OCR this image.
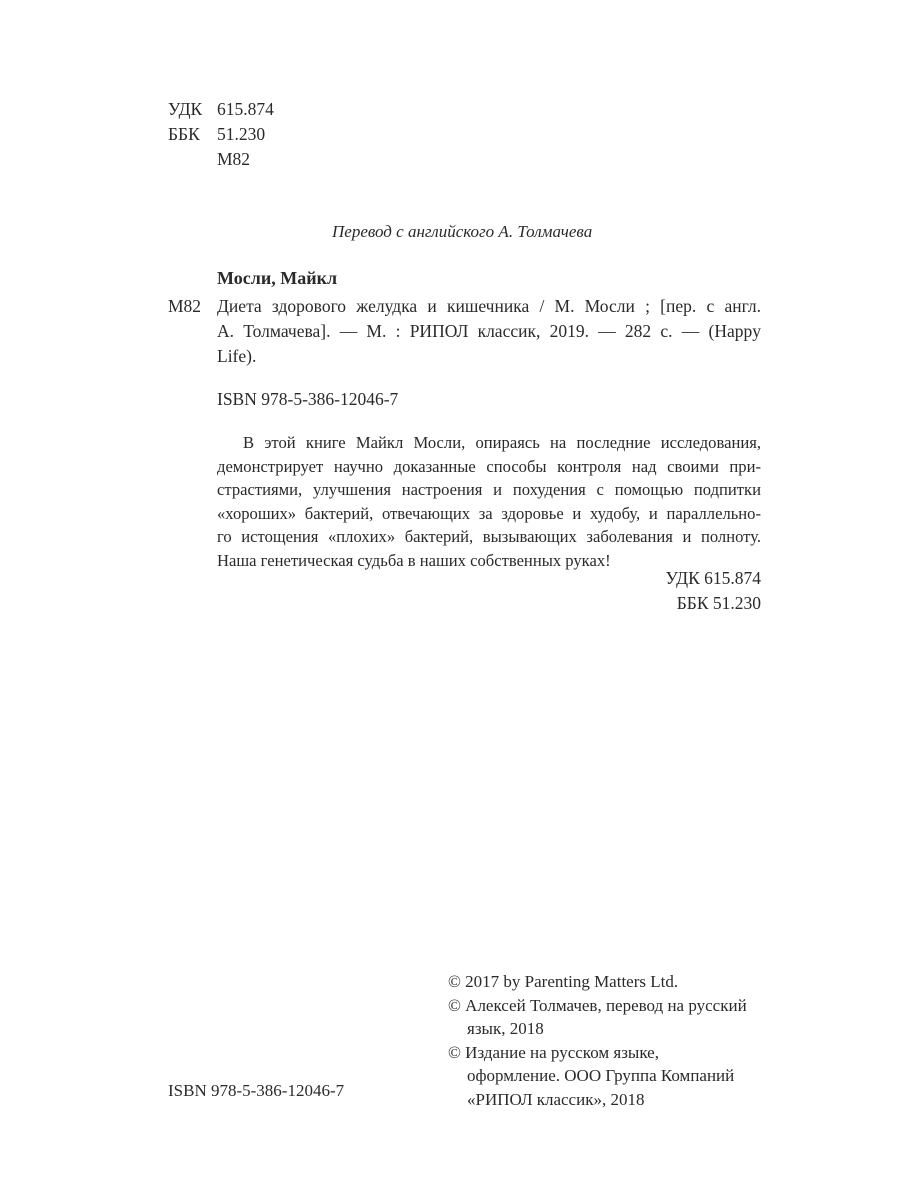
УДК 615.874
ББК 51.230
М82
Перевод с английского А. Толмачева
Мосли, Майкл
М82 Диета здорового желудка и кишечника / М. Мосли ; [пер. с англ.
А. Толмачева]. — М. : РИПОЛ классик, 2019. — 282 с. — (Happy
Life).
ISBN 978-5-386-12046-7
В этой книге Майкл Мосли, опираясь на последние исследования,
демонстрирует научно доказанные способы контроля над своими при-
страстиями, улучшения настроения и похудения с помощью подпитки
«хороших» бактерий, отвечающих за здоровье и худобу, и параллельно-
го истощения «плохих» бактерий, вызывающих заболевания и полноту.
Наша генетическая судьба в наших собственных руках!
УДК 615.874
ББК 51.230
© 2017 by Parenting Matters Ltd.
© Алексей Толмачев, перевод на русский
язык, 2018
© Издание на русском языке,
оформление. ООО Группа Компаний
«РИПОЛ классик», 2018
ISBN 978-5-386-12046-7
